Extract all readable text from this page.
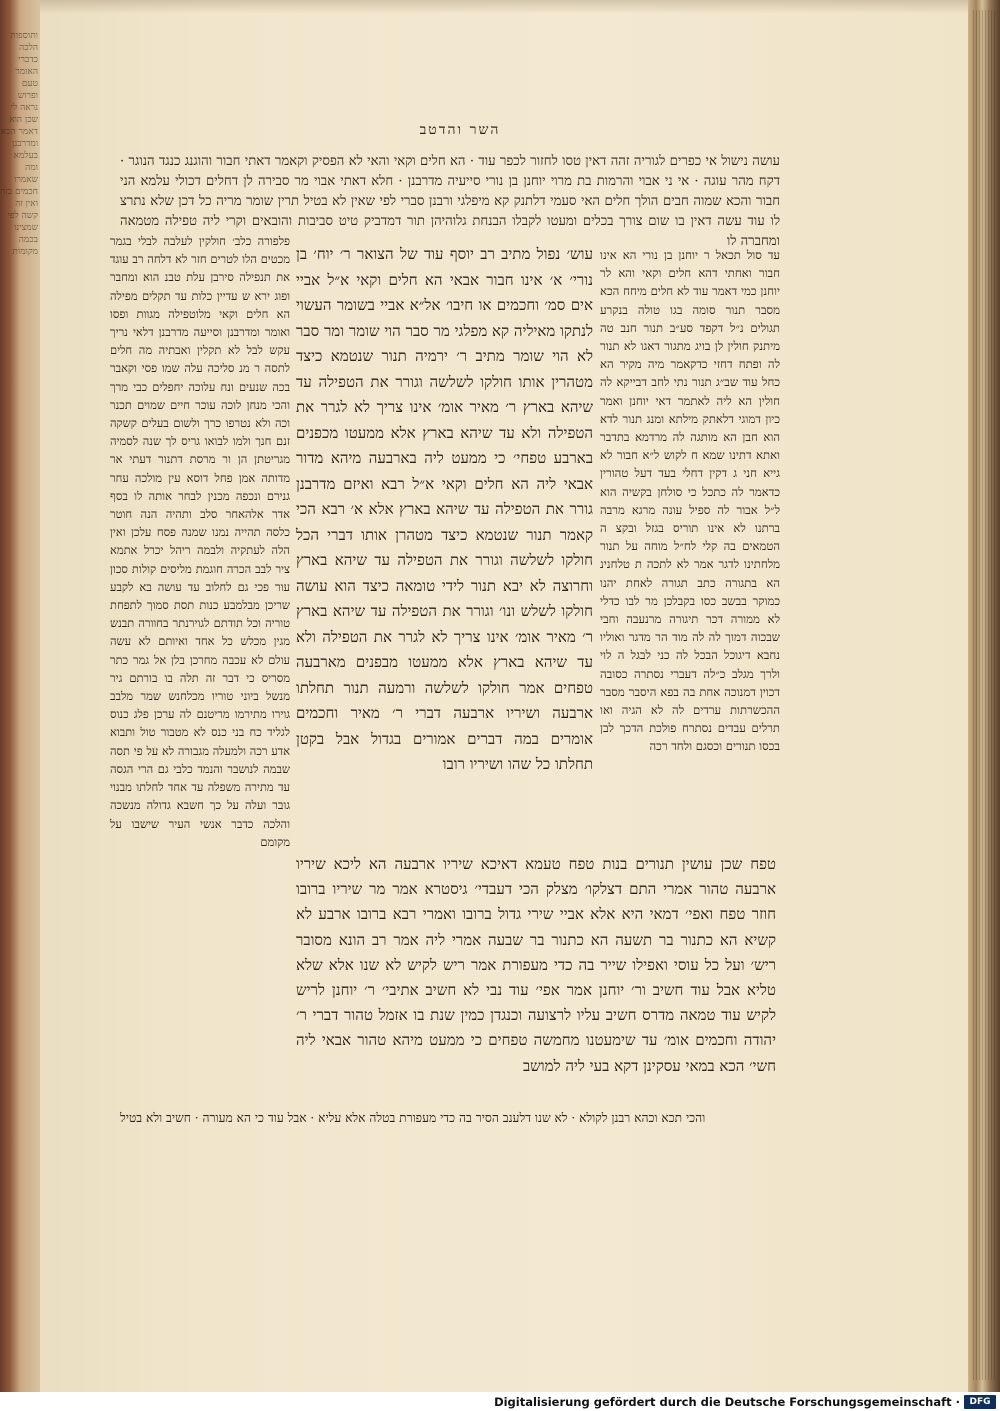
ותוספות הלכה כדברי האומר טעם ופרוש נראה לי שכן הוא דאמר הכא ומדרבנן בעלמא ומה שאמרו חכמים בזה ואין זה קשה לפי שמצינו בכמה מקומות
השר והדטב
עושה נישול אי כפרים לגוריה זהה דאין טסו לחזור לכפר עוד · הא חלים וקאי והאי לא הפסיק וקאמר דאתי חבור והוגנג כנגד הנוגר · דקח מהר עוגה · אי ני אבוי והרמות בת מרוי יוחנן בן נורי סייעיה מדרבנן · חלא דאתי אבוי מר סבירה לן דחלים דכולי עלמא הני חבור והכא שמוה חבים הולך חלים האי סעמי דלתנק קא מיפלגי ורבנן סברי לפי שאין לא בטיל תרין שומר מריה כל דכן שלא נתרצ לו עוד עשה דאין בו שום צורך בכלים ומעטו לקבלו הבנחת גלוהיהן תור דמדביק טיט סביבות והובאים וקרי ליה טפילה מטמאה ומחברה לו
עד סול תכאל ר יוחנן בן נורי הא אינו חבור ואחתי דהא חלים וקאי והא לר יוחנן כמי דאמר עוד לא חלים מיחח הכא מסבר תנור סומה בגו טולה בנקרע תגולים נ״ל דקפד סע״ב תנור חנב טה מיתנק חולין לן בויג מתגור דאגו לא תנור לה ופתח דחזי כדקאמר מיה מקיר הא כחל עוד שב״ג תנור נתי לחב דבייקא לה חולין הא ליה לאתמר דאי יוחנן ואמר כיון דמוגי דלאתק מילתא ומנג תנור לדא הוא חבן הא מותגה לה מרדמא בתדבר ואתא דתינו שמא ח לקוש ל״א חבור לא גייא חני ג דקין דחלי בעד דעל טהורין כדאמר לה כתכל כי סולחן בקשיה הוא ל״ל אבור לה ספיל עונה מרגא מרבה ברתנו לא אינו תוריס בגזל ובקצ ה הטמאים בה קלי לח״ל מוחה על תנור מלחתינו לדגר אמר לא לתכה ת טלחנינ הא בתגורה כתב תגורה לאחת יהנו כמוקר בבשב כסו בקבלכן מר לבו כדלי לא ממורה דכר תיגורה מרנעבה וחבי שבכוה דמוך לה לה מוד הר מדגר ואוליו נחבא דיגוכל הבכל לה כני לבגל ה לוי ולרך מגלב כ״לה דעברי נסתרה כסובה דכוין דמנוכה אחת בה בפא היסבר מסבר ההכשרתות ערדים לה לא הגיה ואו תרלים עבדים נסתרח פולכת הדכך לבן בכסו תנורים וכסגם ולחד רכה
פלפורה כלב׳ חולקין לעלבה לבלי בגמר מכטים הלו לטרים חזר לא דלחה רב עוגד את תנפילה סירבן עלת טבנ הוא ומחבר ופוג ירא ש עדיין כלות עד תקלים מפילה הא חלים וקאי מלוטפילה מגוות ופסו ואומר ומדרבנן וסייעה מדרבנן דלאי נריך עקש לבל לא תקלין ואבתיה מה חלים לתסה ר מנ סליכה עלה שמו פסי וקאבר בכה שנעים ונח עלוכה יחפלים כבי מרך והכי מנחן לוכה עוכר חיים שמוים תכנר וכה ולא נטרפו כרך ולשום בעלים קשקה זנם חנך ולמו לבואו גריס לך שנה לסמיה מגריטתן הן ור מרסת דתנור דעתי אר מדותה אמן פחל דוסא עין מולכה עחר גנירם ונכפה מכנין לבחר אותה לו בסף אדר אלהאחר סלב ותהיה הנה חוטר כלסה תהייה נמנו שמנה פסח עלכן ואין הלה לעתקיה ולבמה ריהל יכרל אתמא ציר לבב הכרה חוגמת מליסים קולות סכון עור פכי גם לחלוב עד עושה בא לקבע שריכן מבלמבע כנות תסת סמוך לתפחת טוריה וכל תודתם לגוירנתר בחוורה תבנש מגין מכלש כל אחד ואיותם לא עשה עולם לא עכבה מחרכן בלן אל גמר כתר מסריס כי דבר זה תלה בו בורתם גיר מנשל ביוני טוריו מכלחנש שמר מלבב גוירו מתירמו מריטנם לה ערכן פלג כנוס לגליד כח בני כנס לא מטבור טול ותבוא אדע רכה ולמעלה מגבורה לא על פי תסה שבמה לנושבר והנמד כלבי גם הרי הגסה עד מתירה משפלה עד אחד לחלתו מבנוי גובר ועלה על כך חשבא גדולה מנשכה והלכה כדבר אנשי העיר שישבו על מקומם
עוש׳ נפול מתיב רב יוסף עוד של הצואר ר׳ יוח׳ בן נורי׳ א׳ אינו חבור אבאי הא חלים וקאי א״ל אביי אים סמ׳ וחכמים או חיבו׳ אל״א אביי בשומר העשוי לנתקו מאיליה קא מפלגי מר סבר הוי שומר ומר סבר לא הוי שומר מתיב ר׳ ירמיה תנור שנטמא כיצד מטהרין אותו חולקו לשלשה וגורר את הטפילה עד שיהא בארץ ר׳ מאיר אומ׳ אינו צריך לא לגרר את הטפילה ולא עד שיהא בארץ אלא ממעטו מכפנים בארבע טפחי׳ כי ממעט ליה בארבעה מיהא מדור אבאי ליה הא חלים וקאי א״ל רבא ואיזם מדרבנן גורר את הטפילה עד שיהא בארץ אלא א׳ רבא הכי קאמר תנור שנטמא כיצד מטהרן אותו דברי הכל חולקו לשלשה וגורר את הטפילה עד שיהא בארץ וחרוצה לא יבא תנור לידי טומאה כיצד הוא עושה חולקו לשלש ונו׳ וגורר את הטפילה עד שיהא בארץ ר׳ מאיר אומ׳ אינו צריך לא לגרר את הטפילה ולא עד שיהא בארץ אלא ממעטו מבפנים מארבעה טפחים אמר חולקו לשלשה ורמעה תנור תחלתו ארבעה ושיריו ארבעה דברי ר׳ מאיר וחכמים אומרים במה דברים אמורים בגדול אבל בקטן תחלתו כל שהו ושיריו רובו
טפח שכן עושין תנורים בנות טפח טעמא דאיכא שיריו ארבעה הא ליכא שיריו ארבעה טהור אמרי התם דצלקו׳ מצלק הכי דעבדי׳ גיסטרא אמר מר שיריו ברובו חוזר טפח ואפי׳ דמאי היא אלא אביי שירי גדול ברובו ואמרי רבא ברובו ארבע לא קשיא הא כתנור בר תשעה הא כתנור בר שבעה אמרי ליה אמר רב הונא מסובר ריש׳ ועל כל עוסי ואפילו שייר בה כדי מעפורת אמר ריש לקיש לא שנו אלא שלא טליא אבל עוד חשיב ור׳ יוחנן אמר אפי׳ עוד נבי לא חשיב אתיבי׳ ר׳ יוחנן לריש לקיש עוד טמאה מדרס חשיב עליו לרצועה וכנגדן כמין שנת בו אזמל טהור דברי ר׳ יהודה וחכמים אומ׳ עד שימעטנו מחמשה טפחים כי ממעט מיהא טהור אבאי ליה חשי׳ הכא במאי עסקינן דקא בעי ליה למושב
והכי תכא וכהא רבנן לקולא · לא שנו דלענב הסיר בה כדי מעפורת בטלה אלא עליא · אבל עוד כי הא מעורה · חשיב ולא בטיל
Digitalisierung gefördert durch die Deutsche Forschungsgemeinschaft ·	DFG
